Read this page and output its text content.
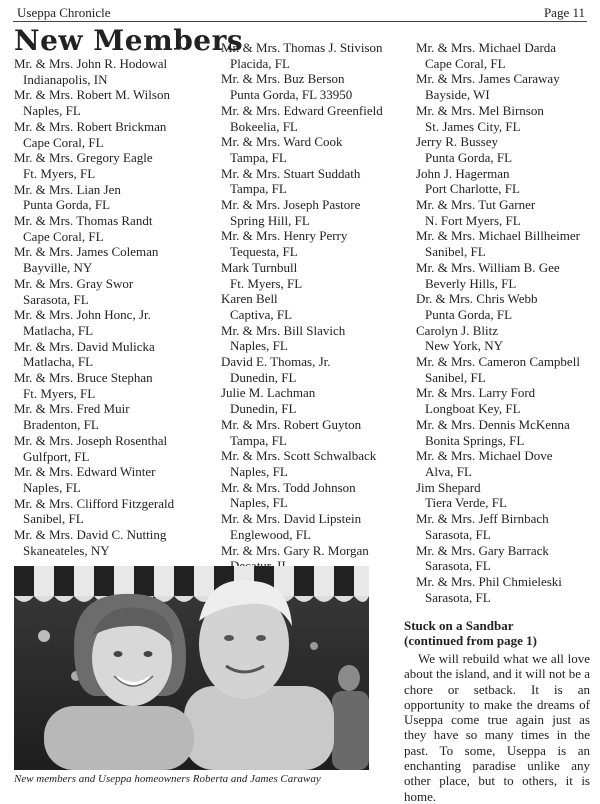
Useppa Chronicle	Page 11
New Members
Mr. & Mrs. John R. Hodowal
Indianapolis, IN
Mr. & Mrs. Robert M. Wilson
Naples, FL
Mr. & Mrs. Robert Brickman
Cape Coral, FL
Mr. & Mrs. Gregory Eagle
Ft. Myers, FL
Mr. & Mrs. Lian Jen
Punta Gorda, FL
Mr. & Mrs. Thomas Randt
Cape Coral, FL
Mr. & Mrs. James Coleman
Bayville, NY
Mr. & Mrs. Gray Swor
Sarasota, FL
Mr. & Mrs. John Honc, Jr.
Matlacha, FL
Mr. & Mrs. David Mulicka
Matlacha, FL
Mr. & Mrs. Bruce Stephan
Ft. Myers, FL
Mr. & Mrs. Fred Muir
Bradenton, FL
Mr. & Mrs. Joseph Rosenthal
Gulfport, FL
Mr. & Mrs. Edward Winter
Naples, FL
Mr. & Mrs. Clifford Fitzgerald
Sanibel, FL
Mr. & Mrs. David C. Nutting
Skaneateles, NY
Mr. & Mrs. Thomas J. Stivison
Placida, FL
Mr. & Mrs. Buz Berson
Punta Gorda, FL 33950
Mr. & Mrs. Edward Greenfield
Bokeelia, FL
Mr. & Mrs. Ward Cook
Tampa, FL
Mr. & Mrs. Stuart Suddath
Tampa, FL
Mr. & Mrs. Joseph Pastore
Spring Hill, FL
Mr. & Mrs. Henry Perry
Tequesta, FL
Mark Turnbull
Ft. Myers, FL
Karen Bell
Captiva, FL
Mr. & Mrs. Bill Slavich
Naples, FL
David E. Thomas, Jr.
Dunedin, FL
Julie M. Lachman
Dunedin, FL
Mr. & Mrs. Robert Guyton
Tampa, FL
Mr. & Mrs. Scott Schwalback
Naples, FL
Mr. & Mrs. Todd Johnson
Naples, FL
Mr. & Mrs. David Lipstein
Englewood, FL
Mr. & Mrs. Gary R. Morgan
Mr. & Mrs. Michael Darda
Cape Coral, FL
Mr. & Mrs. James Caraway
Bayside, WI
Mr. & Mrs. Mel Birnson
St. James City, FL
Jerry R. Bussey
Punta Gorda, FL
John J. Hagerman
Port Charlotte, FL
Mr. & Mrs. Tut Garner
N. Fort Myers, FL
Mr. & Mrs. Michael Billheimer
Sanibel, FL
Mr. & Mrs. William B. Gee
Beverly Hills, FL
Dr. & Mrs. Chris Webb
Punta Gorda, FL
Carolyn J. Blitz
New York, NY
Mr. & Mrs. Cameron Campbell
Sanibel, FL
Mr. & Mrs. Larry Ford
Longboat Key, FL
Mr. & Mrs. Dennis McKenna
Bonita Springs, FL
Mr. & Mrs. Michael Dove
Alva, FL
Jim Shepard
Tiera Verde, FL
Mr. & Mrs. Jeff Birnbach
Sarasota, FL
Mr. & Mrs. Gary Barrack
Sarasota, FL
Mr. & Mrs. Phil Chmieleski
Sarasota, FL
New members and Useppa homeowners Roberta and James Caraway
Stuck on a Sandbar
(continued from page 1)

We will rebuild what we all love about the island, and it will not be a chore or setback. It is an opportunity to make the dreams of Useppa come true again just as they have so many times in the past. To some, Useppa is an enchanting paradise unlike any other place, but to others, it is home.
